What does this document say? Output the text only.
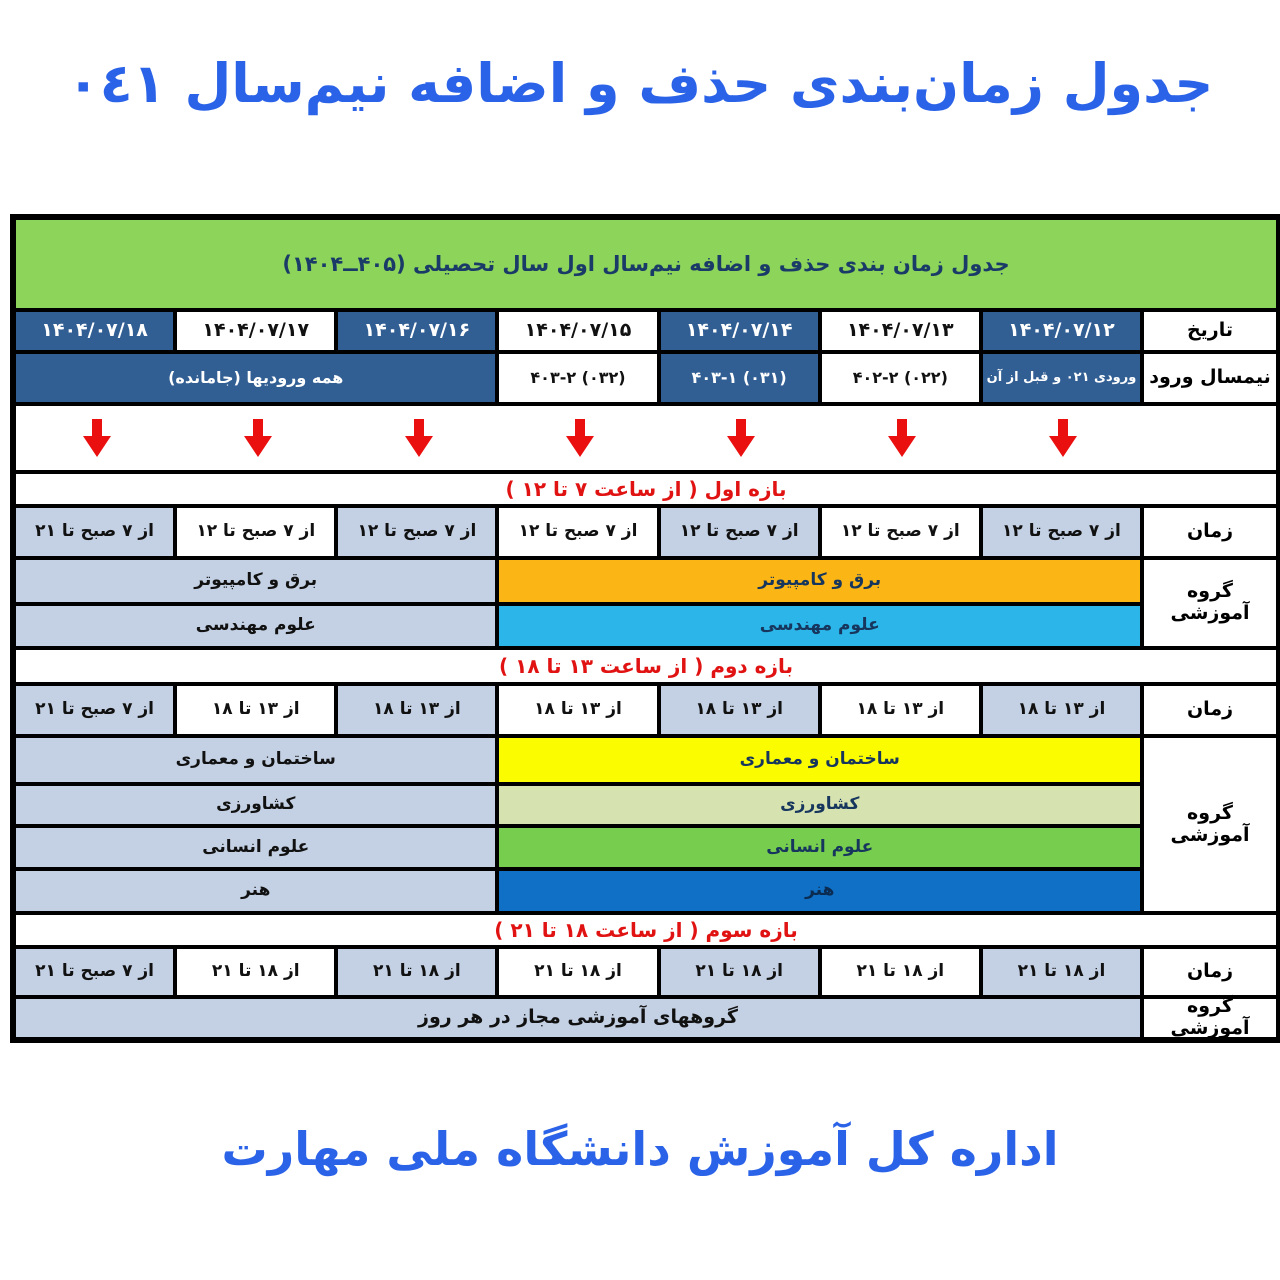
جدول زمان‌بندی حذف و اضافه نیم‌سال ٠٤١
جدول زمان بندی حذف و اضافه نیم‌سال اول سال تحصیلی (۴۰۵ــ۱۴۰۴)
تاریخ
۱۴۰۴/۰۷/۱۲
۱۴۰۴/۰۷/۱۳
۱۴۰۴/۰۷/۱۴
۱۴۰۴/۰۷/۱۵
۱۴۰۴/۰۷/۱۶
۱۴۰۴/۰۷/۱۷
۱۴۰۴/۰۷/۱۸
نیمسال ورود
ورودی ۰۲۱ و قبل از آن
۴۰۲-۲ (۰۲۲)
۴۰۳-۱ (۰۳۱)
۴۰۳-۲ (۰۳۲)
همه ورودیها (جامانده)
بازه اول ( از ساعت ۷ تا ۱۲ )
زمان
از ۷ صبح تا ۱۲
از ۷ صبح تا ۱۲
از ۷ صبح تا ۱۲
از ۷ صبح تا ۱۲
از ۷ صبح تا ۱۲
از ۷ صبح تا ۱۲
از ۷ صبح تا ۲۱
گروه آموزشی
برق و کامپیوتر
برق و کامپیوتر
علوم مهندسی
علوم مهندسی
بازه دوم ( از ساعت ۱۳ تا ۱۸ )
زمان
از ۱۳ تا ۱۸
از ۱۳ تا ۱۸
از ۱۳ تا ۱۸
از ۱۳ تا ۱۸
از ۱۳ تا ۱۸
از ۱۳ تا ۱۸
از ۷ صبح تا ۲۱
گروه آموزشی
ساختمان و معماری
ساختمان و معماری
کشاورزی
کشاورزی
علوم انسانی
علوم انسانی
هنر
هنر
بازه سوم ( از ساعت ۱۸ تا ۲۱ )
زمان
از ۱۸ تا ۲۱
از ۱۸ تا ۲۱
از ۱۸ تا ۲۱
از ۱۸ تا ۲۱
از ۱۸ تا ۲۱
از ۱۸ تا ۲۱
از ۷ صبح تا ۲۱
گروه آموزشی
گروههای آموزشی مجاز در هر روز
اداره کل آموزش دانشگاه ملی مهارت
